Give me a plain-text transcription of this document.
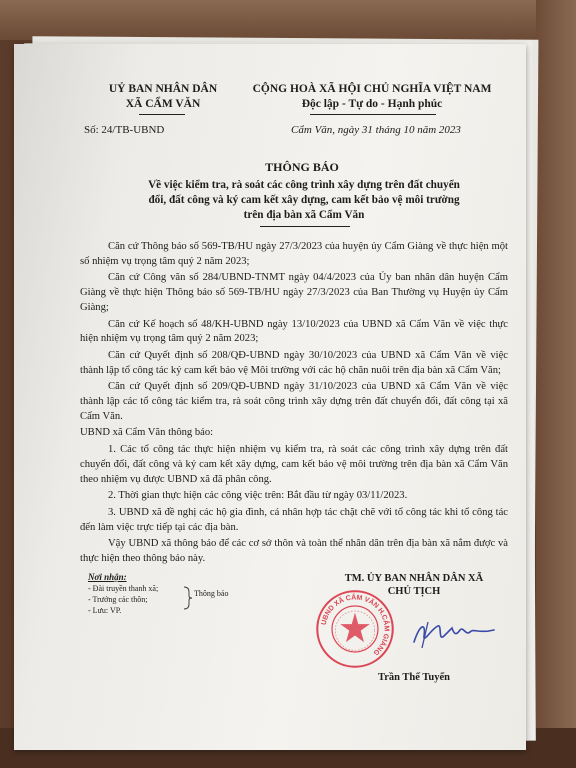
UỶ BAN NHÂN DÂN
XÃ CẨM VĂN
CỘNG HOÀ XÃ HỘI CHỦ NGHĨA VIỆT NAM
Độc lập - Tự do - Hạnh phúc
Số: 24/TB-UBND	Cẩm Văn, ngày 31 tháng 10 năm 2023
THÔNG BÁO
Về việc kiểm tra, rà soát các công trình xây dựng trên đất chuyển
đổi, đất công và ký cam kết xây dựng, cam kết bảo vệ môi trường
trên địa bàn xã Cẩm Văn

Căn cứ Thông báo số 569-TB/HU ngày 27/3/2023 của huyện ủy Cẩm Giàng về thực hiện một số nhiệm vụ trọng tâm quý 2 năm 2023;

Căn cứ Công văn số 284/UBND-TNMT ngày 04/4/2023 của Ủy ban nhân dân huyện Cẩm Giàng về thực hiện Thông báo số 569-TB/HU ngày 27/3/2023 của Ban Thường vụ Huyện ủy Cẩm Giàng;

Căn cứ Kế hoạch số 48/KH-UBND ngày 13/10/2023 của UBND xã Cẩm Văn về việc thực hiện nhiệm vụ trọng tâm quý 2 năm 2023;

Căn cứ Quyết định số 208/QĐ-UBND ngày 30/10/2023 của UBND xã Cẩm Văn về việc thành lập tổ công tác ký cam kết bảo vệ Môi trường với các hộ chăn nuôi trên địa bàn xã Cẩm Văn;

Căn cứ Quyết định số 209/QĐ-UBND ngày 31/10/2023 của UBND xã Cẩm Văn về việc thành lập các tổ công tác kiểm tra, rà soát công trình xây dựng trên đất chuyển đổi, đất công tại xã Cẩm Văn.

UBND xã Cẩm Văn thông báo:

1. Các tổ công tác thực hiện nhiệm vụ kiểm tra, rà soát các công trình xây dựng trên đất chuyển đổi, đất công và ký cam kết xây dựng, cam kết bảo vệ môi trường trên địa bàn xã Cẩm Văn theo nhiệm vụ được UBND xã đã phân công.

2. Thời gian thực hiện các công việc trên: Bắt đầu từ ngày 03/11/2023.

3. UBND xã đề nghị các hộ gia đình, cá nhân hợp tác chặt chẽ với tổ công tác khi tổ công tác đến làm việc trực tiếp tại các địa bàn.

Vậy UBND xã thông báo để các cơ sở thôn và toàn thể nhân dân trên địa bàn xã nắm được và thực hiện theo thông báo này.

Nơi nhận:
- Đài truyền thanh xã;
- Trưởng các thôn;
- Lưu: VP.
Thông báo
TM. ỦY BAN NHÂN DÂN XÃ
CHỦ TỊCH
UBND XÃ CẨM VĂN H.CẨM GIÀNG
Trần Thế Tuyển
